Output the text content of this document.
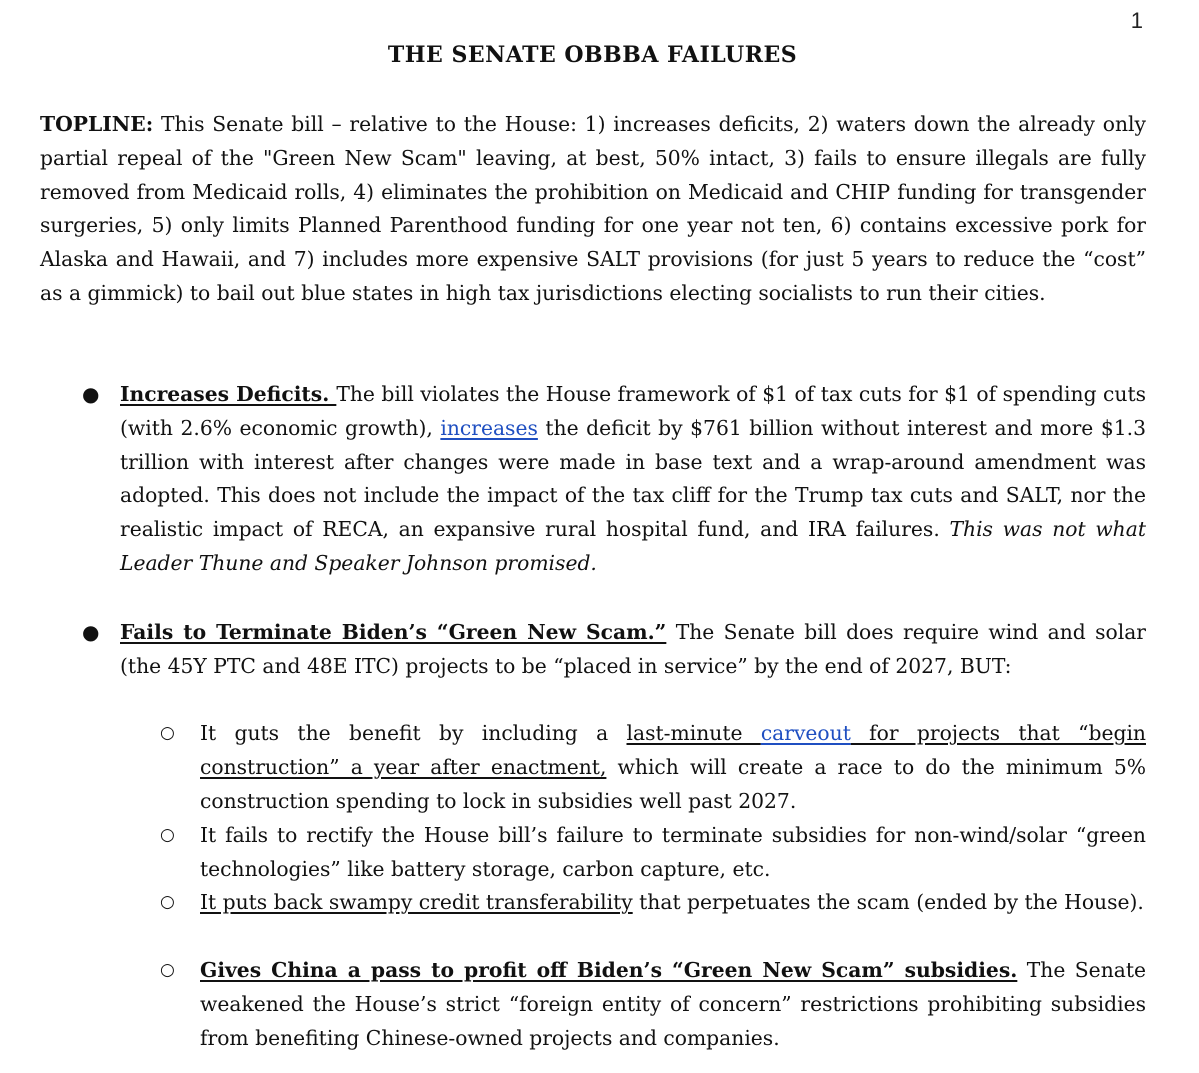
1
THE SENATE OBBBA FAILURES
TOPLINE: This Senate bill – relative to the House: 1) increases deficits, 2) waters down the already only partial repeal of the "Green New Scam" leaving, at best, 50% intact, 3) fails to ensure illegals are fully removed from Medicaid rolls, 4) eliminates the prohibition on Medicaid and CHIP funding for transgender surgeries, 5) only limits Planned Parenthood funding for one year not ten, 6) contains excessive pork for Alaska and Hawaii, and 7) includes more expensive SALT provisions (for just 5 years to reduce the “cost” as a gimmick) to bail out blue states in high tax jurisdictions electing socialists to run their cities.
● Increases Deficits. The bill violates the House framework of $1 of tax cuts for $1 of spending cuts (with 2.6% economic growth), increases the deficit by $761 billion without interest and more $1.3 trillion with interest after changes were made in base text and a wrap-around amendment was adopted. This does not include the impact of the tax cliff for the Trump tax cuts and SALT, nor the realistic impact of RECA, an expansive rural hospital fund, and IRA failures. This was not what Leader Thune and Speaker Johnson promised.
● Fails to Terminate Biden’s “Green New Scam.” The Senate bill does require wind and solar (the 45Y PTC and 48E ITC) projects to be “placed in service” by the end of 2027, BUT:
○ It guts the benefit by including a last-minute carveout for projects that “begin construction” a year after enactment, which will create a race to do the minimum 5% construction spending to lock in subsidies well past 2027.
○ It fails to rectify the House bill’s failure to terminate subsidies for non-wind/solar “green technologies” like battery storage, carbon capture, etc.
○ It puts back swampy credit transferability that perpetuates the scam (ended by the House).
○ Gives China a pass to profit off Biden’s “Green New Scam” subsidies. The Senate weakened the House’s strict “foreign entity of concern” restrictions prohibiting subsidies from benefiting Chinese-owned projects and companies.
